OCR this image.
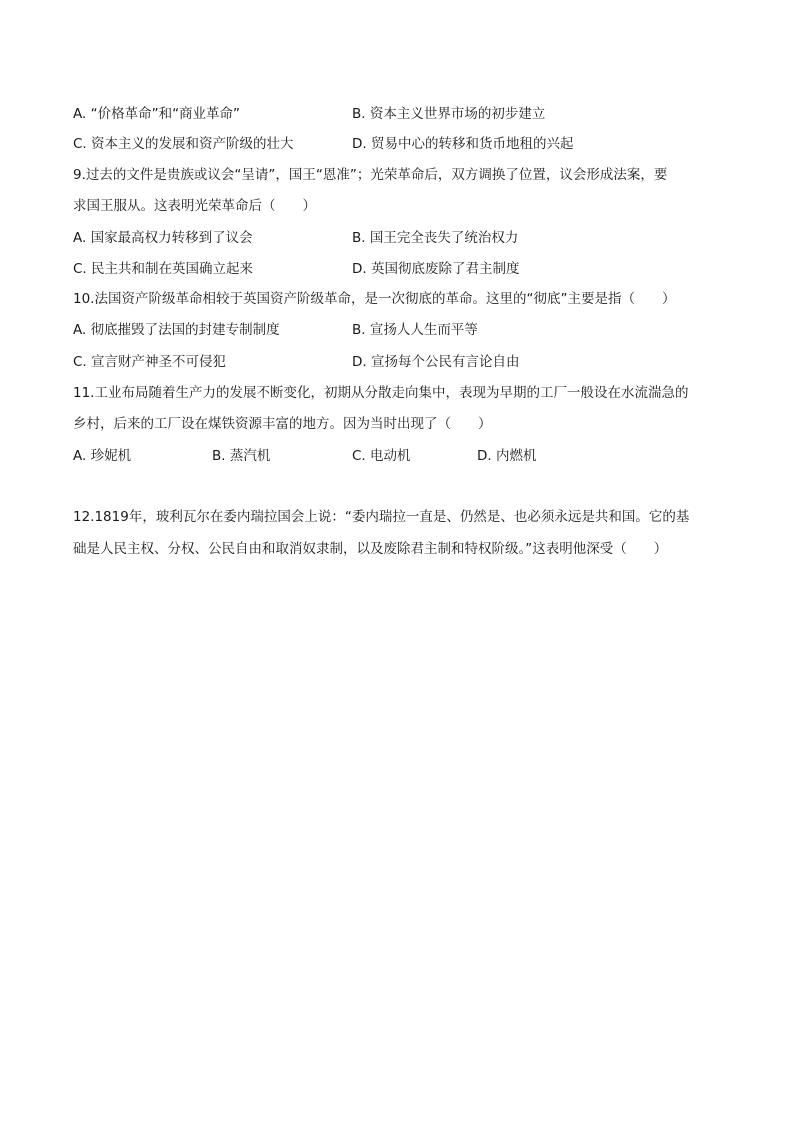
A. “价格革命”和“商业革命”	B. 资本主义世界市场的初步建立
C. 资本主义的发展和资产阶级的壮大	D. 贸易中心的转移和货币地租的兴起
9.过去的文件是贵族或议会“呈请”，国王“恩准”；光荣革命后，双方调换了位置，议会形成法案，要
求国王服从。这表明光荣革命后（　　）
A. 国家最高权力转移到了议会	B. 国王完全丧失了统治权力
C. 民主共和制在英国确立起来	D. 英国彻底废除了君主制度
10.法国资产阶级革命相较于英国资产阶级革命，是一次彻底的革命。这里的“彻底”主要是指（　　）
A. 彻底摧毁了法国的封建专制制度	B. 宣扬人人生而平等
C. 宣言财产神圣不可侵犯	D. 宣扬每个公民有言论自由
11.工业布局随着生产力的发展不断变化，初期从分散走向集中，表现为早期的工厂一般设在水流湍急的
乡村，后来的工厂设在煤铁资源丰富的地方。因为当时出现了（　　）
A. 珍妮机	B. 蒸汽机	C. 电动机	D. 内燃机
12.1819年，玻利瓦尔在委内瑞拉国会上说：“委内瑞拉一直是、仍然是、也必须永远是共和国。它的基
础是人民主权、分权、公民自由和取消奴隶制，以及废除君主制和特权阶级。”这表明他深受（　　）
